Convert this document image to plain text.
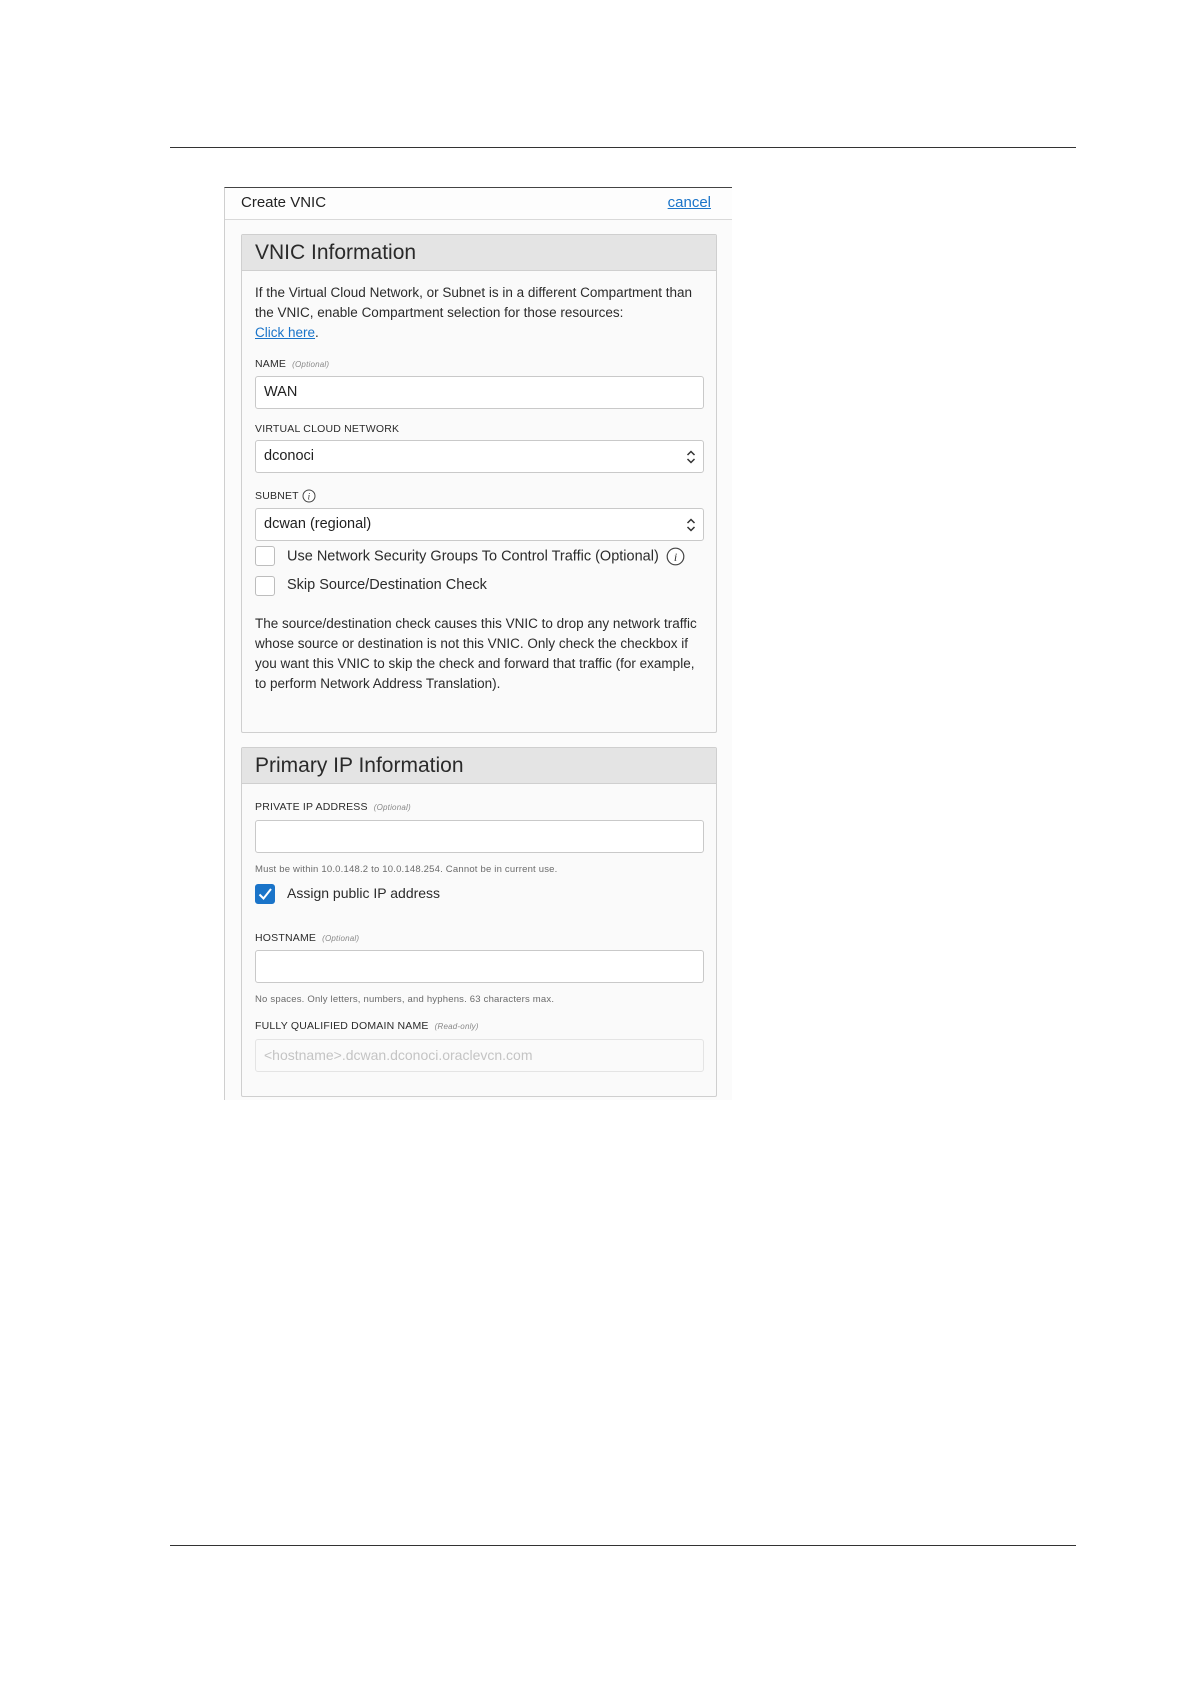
Create VNIC	cancel
VNIC Information

If the Virtual Cloud Network, or Subnet is in a different Compartment than the VNIC, enable Compartment selection for those resources:
Click here.

NAME (Optional)
WAN
VIRTUAL CLOUD NETWORK
dconoci
SUBNET i
dcwan (regional)
Use Network Security Groups To Control Traffic (Optional) i
Skip Source/Destination Check

The source/destination check causes this VNIC to drop any network traffic whose source or destination is not this VNIC. Only check the checkbox if you want this VNIC to skip the check and forward that traffic (for example, to perform Network Address Translation).

Primary IP Information
PRIVATE IP ADDRESS (Optional)
Must be within 10.0.148.2 to 10.0.148.254. Cannot be in current use.
Assign public IP address
HOSTNAME (Optional)
No spaces. Only letters, numbers, and hyphens. 63 characters max.
FULLY QUALIFIED DOMAIN NAME (Read-only)
<hostname>.dcwan.dconoci.oraclevcn.com
